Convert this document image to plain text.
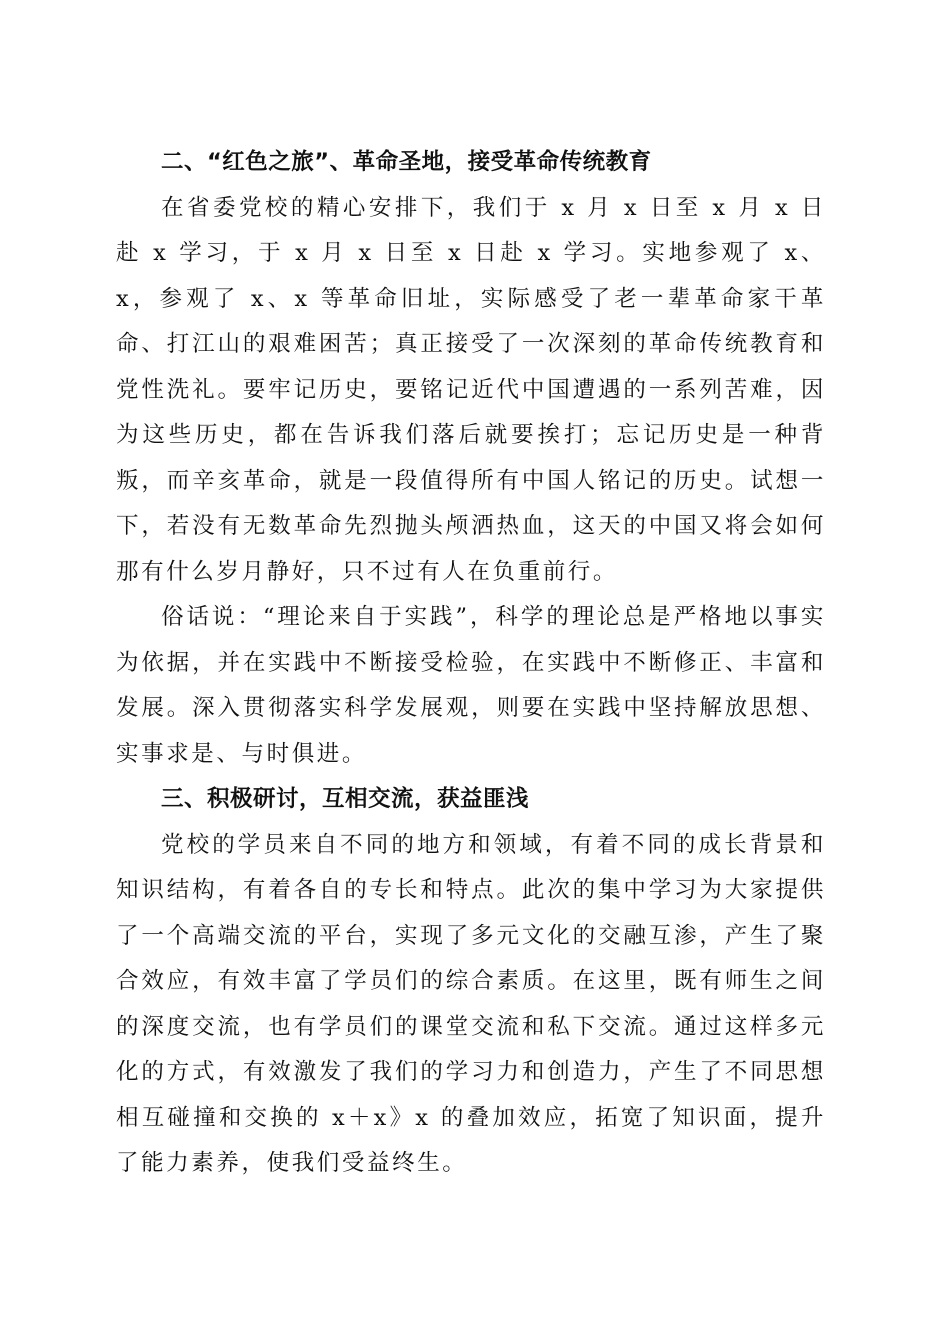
二、“红色之旅”、革命圣地，接受革命传统教育

在省委党校的精心安排下，我们于 x 月 x 日至 x 月 x 日赴 x 学习，于 x 月 x 日至 x 日赴 x 学习。实地参观了 x、x，参观了 x、x 等革命旧址，实际感受了老一辈革命家干革命、打江山的艰难困苦；真正接受了一次深刻的革命传统教育和党性洗礼。要牢记历史，要铭记近代中国遭遇的一系列苦难，因为这些历史，都在告诉我们落后就要挨打；忘记历史是一种背叛，而辛亥革命，就是一段值得所有中国人铭记的历史。试想一下，若没有无数革命先烈抛头颅洒热血，这天的中国又将会如何那有什么岁月静好，只不过有人在负重前行。

俗话说：“理论来自于实践”，科学的理论总是严格地以事实为依据，并在实践中不断接受检验，在实践中不断修正、丰富和发展。深入贯彻落实科学发展观，则要在实践中坚持解放思想、实事求是、与时俱进。

三、积极研讨，互相交流，获益匪浅

党校的学员来自不同的地方和领域，有着不同的成长背景和知识结构，有着各自的专长和特点。此次的集中学习为大家提供了一个高端交流的平台，实现了多元文化的交融互渗，产生了聚合效应，有效丰富了学员们的综合素质。在这里，既有师生之间的深度交流，也有学员们的课堂交流和私下交流。通过这样多元化的方式，有效激发了我们的学习力和创造力，产生了不同思想相互碰撞和交换的 x＋x》x 的叠加效应，拓宽了知识面，提升了能力素养，使我们受益终生。
